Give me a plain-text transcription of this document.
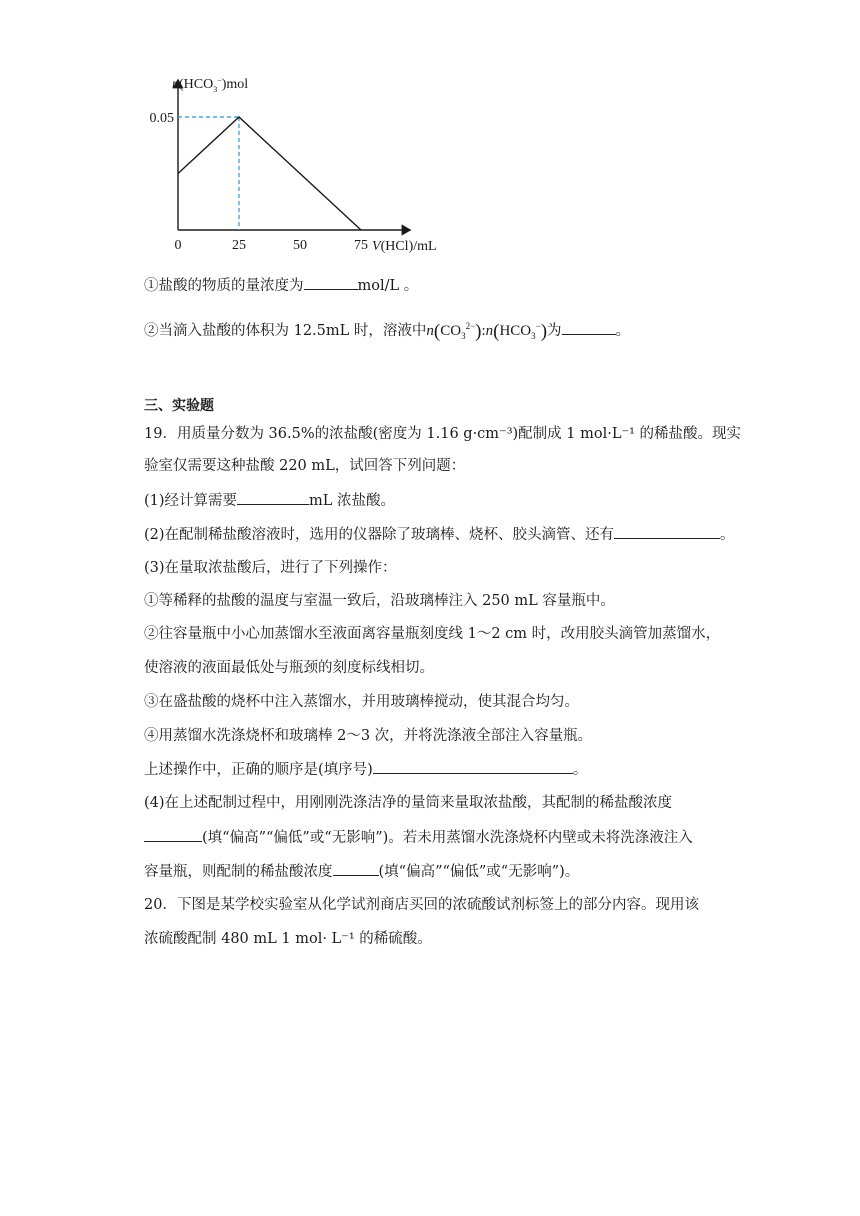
0	25	50	75
0.05
$n(HCO_3^-)mol$
V(HCl)/mL
①盐酸的物质的量浓度为	mol/L 。
②当滴入盐酸的体积为 12.5mL 时，溶液中$n(CO_3^{2-}):n(HCO_3^-)$为	。
三、实验题
19．用质量分数为 36.5%的浓盐酸(密度为 1.16 g·cm⁻³)配制成 1 mol·L⁻¹ 的稀盐酸。现实
验室仅需要这种盐酸 220 mL，试回答下列问题：
(1)经计算需要	mL 浓盐酸。
(2)在配制稀盐酸溶液时，选用的仪器除了玻璃棒、烧杯、胶头滴管、还有	。
(3)在量取浓盐酸后，进行了下列操作：
①等稀释的盐酸的温度与室温一致后，沿玻璃棒注入 250 mL 容量瓶中。
②往容量瓶中小心加蒸馏水至液面离容量瓶刻度线 1～2 cm 时，改用胶头滴管加蒸馏水，
使溶液的液面最低处与瓶颈的刻度标线相切。
③在盛盐酸的烧杯中注入蒸馏水，并用玻璃棒搅动，使其混合均匀。
④用蒸馏水洗涤烧杯和玻璃棒 2～3 次，并将洗涤液全部注入容量瓶。
上述操作中，正确的顺序是(填序号)	。
(4)在上述配制过程中，用刚刚洗涤洁净的量筒来量取浓盐酸，其配制的稀盐酸浓度
(填“偏高”“偏低”或“无影响”)。若未用蒸馏水洗涤烧杯内壁或未将洗涤液注入
容量瓶，则配制的稀盐酸浓度	(填“偏高”“偏低”或“无影响”)。
20．下图是某学校实验室从化学试剂商店买回的浓硫酸试剂标签上的部分内容。现用该
浓硫酸配制 480 mL 1 mol· L⁻¹ 的稀硫酸。
